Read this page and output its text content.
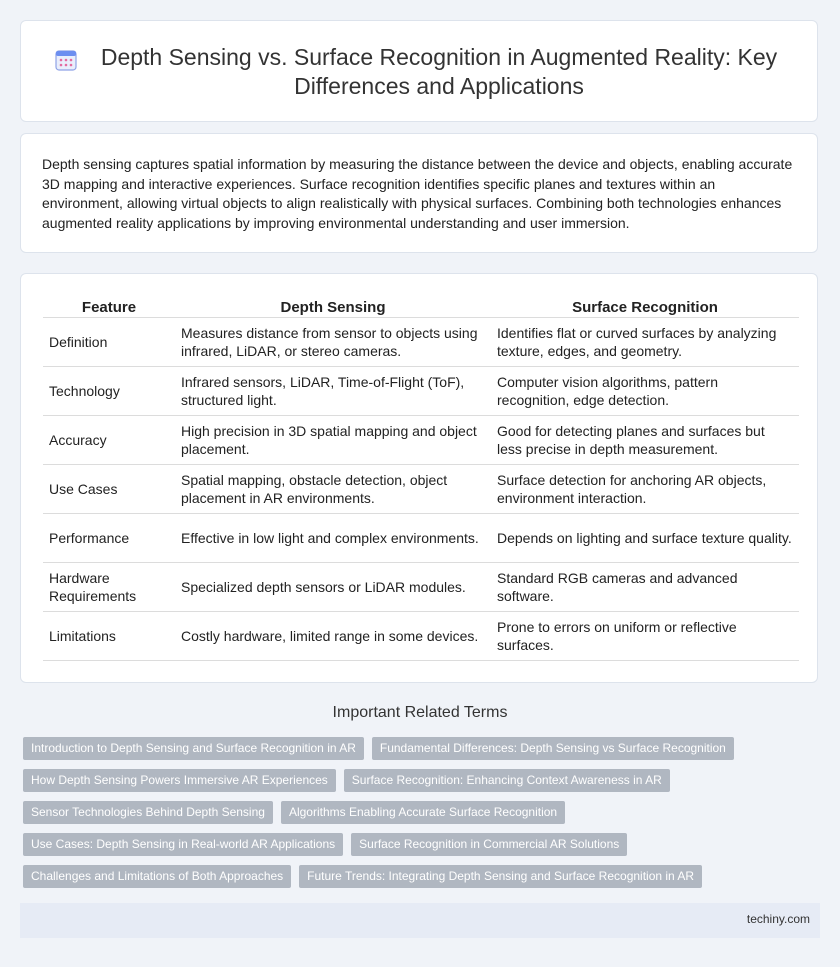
Depth Sensing vs. Surface Recognition in Augmented Reality: Key Differences and Applications

Depth sensing captures spatial information by measuring the distance between the device and objects, enabling accurate 3D mapping and interactive experiences. Surface recognition identifies specific planes and textures within an environment, allowing virtual objects to align realistically with physical surfaces. Combining both technologies enhances augmented reality applications by improving environmental understanding and user immersion.

Feature	Depth Sensing	Surface Recognition
Definition	Measures distance from sensor to objects using infrared, LiDAR, or stereo cameras.	Identifies flat or curved surfaces by analyzing texture, edges, and geometry.
Technology	Infrared sensors, LiDAR, Time-of-Flight (ToF), structured light.	Computer vision algorithms, pattern recognition, edge detection.
Accuracy	High precision in 3D spatial mapping and object placement.	Good for detecting planes and surfaces but less precise in depth measurement.
Use Cases	Spatial mapping, obstacle detection, object placement in AR environments.	Surface detection for anchoring AR objects, environment interaction.
Performance	Effective in low light and complex environments.	Depends on lighting and surface texture quality.
Hardware Requirements	Specialized depth sensors or LiDAR modules.	Standard RGB cameras and advanced software.
Limitations	Costly hardware, limited range in some devices.	Prone to errors on uniform or reflective surfaces.
Important Related Terms
Introduction to Depth Sensing and Surface Recognition in AR	Fundamental Differences: Depth Sensing vs Surface Recognition
How Depth Sensing Powers Immersive AR Experiences	Surface Recognition: Enhancing Context Awareness in AR
Sensor Technologies Behind Depth Sensing	Algorithms Enabling Accurate Surface Recognition
Use Cases: Depth Sensing in Real-world AR Applications	Surface Recognition in Commercial AR Solutions
Challenges and Limitations of Both Approaches	Future Trends: Integrating Depth Sensing and Surface Recognition in AR
techiny.com
